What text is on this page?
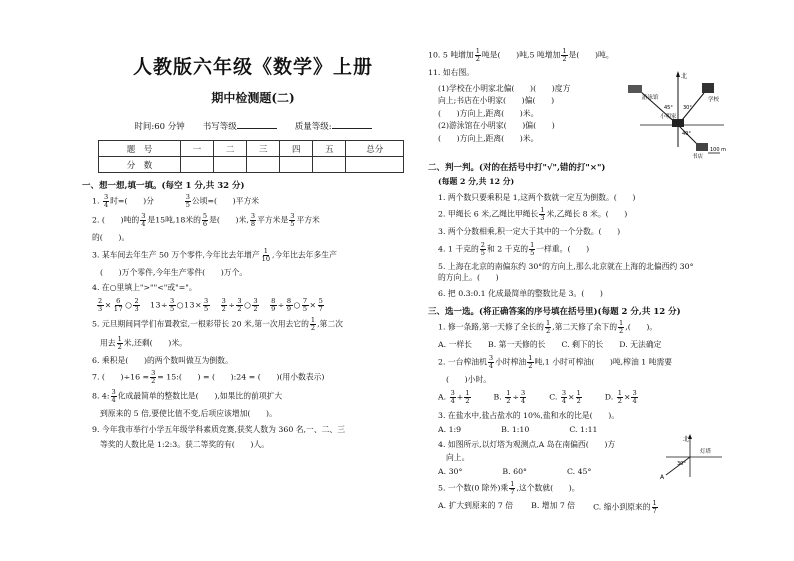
人教版六年级《数学》上册
期中检测题(二)
时间:60 分钟 书写等级	质量等级:
题　号	一	二	三	四	五	总分
分　数						
一、想一想,填一填。(每空 1 分,共 32 分)
1. $\frac{3}{4}$ 时=(　　)分	$\frac{3}{5}$ 公顷=(　　)平方米
2. (　　)吨的 $\frac{3}{4}$ 是15吨,18米的 $\frac{5}{6}$ 是(　　)米, $\frac{3}{8}$ 平方米是 $\frac{3}{5}$ 平方米
的(　　)。
3. 某车间去年生产 50 万个零件,今年比去年增产 $\frac{1}{10}$ ,今年比去年多生产
(　　)万个零件,今年生产零件(　　)万个。
4. 在○里填上">""<"或"="。
$\frac{2}{3} \times \frac{6}{17}$ ○ $\frac{2}{3} 13\div \frac{3}{5}$ ○13× $\frac{3}{5}$
$\frac{3}{2} \div \frac{3}{2}$ ○ $\frac{3}{2}$
$\frac{8}{9} \div \frac{8}{9}$ ○ $\frac{7}{5} \times \frac{5}{7}$
5. 元旦期间同学们布置教室,一根彩带长 20 米,第一次用去它的 $\frac{1}{2}$ ,第二次
用去 $\frac{1}{2}$ 米,还剩(　　)米。
6. 乘积是(　　)的两个数叫做互为倒数。
7. (　　)$\div 16 = \frac{3}{2}$ = 15:(　　) = (　　):24 = (　　)(用小数表示)
8. 4: $\frac{3}{4}$ 化成最简单的整数比是(　　),如果比的前项扩大
到原来的 5 倍,要使比值不变,后项应该增加(　　)。
9. 今年我市举行小学五年级学科素质竞赛,获奖人数为 360 名,一、二、三
等奖的人数比是 1:2:3。获二等奖的有(　　)人。
10. 5 吨增加 $\frac{1}{2}$ 吨是(　　)吨,5 吨增加 $\frac{1}{2}$ 是(　　)吨。
11. 如右图。
(1)学校在小明家北偏(　　)(　　)度方
向上;书店在小明家(　　)偏(　　)
(　　)方向上,距离(　　)米。
(2)游泳馆在小明家(　　)偏(　　)
(　　)方向上,距离(　　)米。
北
游泳馆	学校
小明家
书店
45° 30°
40°
100 m
二、判一判。(对的在括号中打"√",错的打"×")
(每题 2 分,共 12 分)
1. 两个数只要乘积是 1,这两个数就一定互为倒数。(　　)
2. 甲绳长 6 米,乙绳比甲绳长 $\frac{1}{3}$ 米,乙绳长 8 米。(　　)
3. 两个分数相乘,积一定大于其中的一个分数。(　　)
4. 1 千克的 $\frac{2}{5}$ 和 2 千克的 $\frac{1}{5}$ 一样重。(　　)
5. 上海在北京的南偏东约 30°的方向上,那么北京就在上海的北偏西约 30°
的方向上。(　　)
6. 把 0.3:0.1 化成最简单的整数比是 3。(　　)
三、选一选。(将正确答案的序号填在括号里)(每题 2 分,共 12 分)
1. 修一条路,第一天修了全长的 $\frac{1}{2}$ ,第二天修了余下的 $\frac{1}{2}$ ,(　　)。
A. 一样长 B. 第一天修的长 C. 剩下的长 D. 无法确定
2. 一台榨油机 $\frac{3}{4}$ 小时榨油 $\frac{1}{2}$ 吨,1 小时可榨油(　　)吨,榨油 1 吨需要
(　　)小时。
A. $\frac{3}{4} + \frac{1}{2}$	B. $\frac{1}{2} \div \frac{3}{4}$	C. $\frac{3}{4} \times \frac{1}{2}$	D. $\frac{1}{2} \times \frac{3}{4}$
3. 在盐水中,盐占盐水的 10%,盐和水的比是(　　)。
A. 1:9	B. 1:10	C. 1:11
4. 如图所示,以灯塔为观测点,A 岛在南偏西(　　)方
向上。
A. 30°	B. 60°	C. 45°
北
灯塔
30°
A
5. 一个数(0 除外)乘 $\frac{1}{7}$ ,这个数就(　　)。
A. 扩大到原来的 7 倍 B. 增加 7 倍 C. 缩小到原来的 $\frac{1}{7}$
